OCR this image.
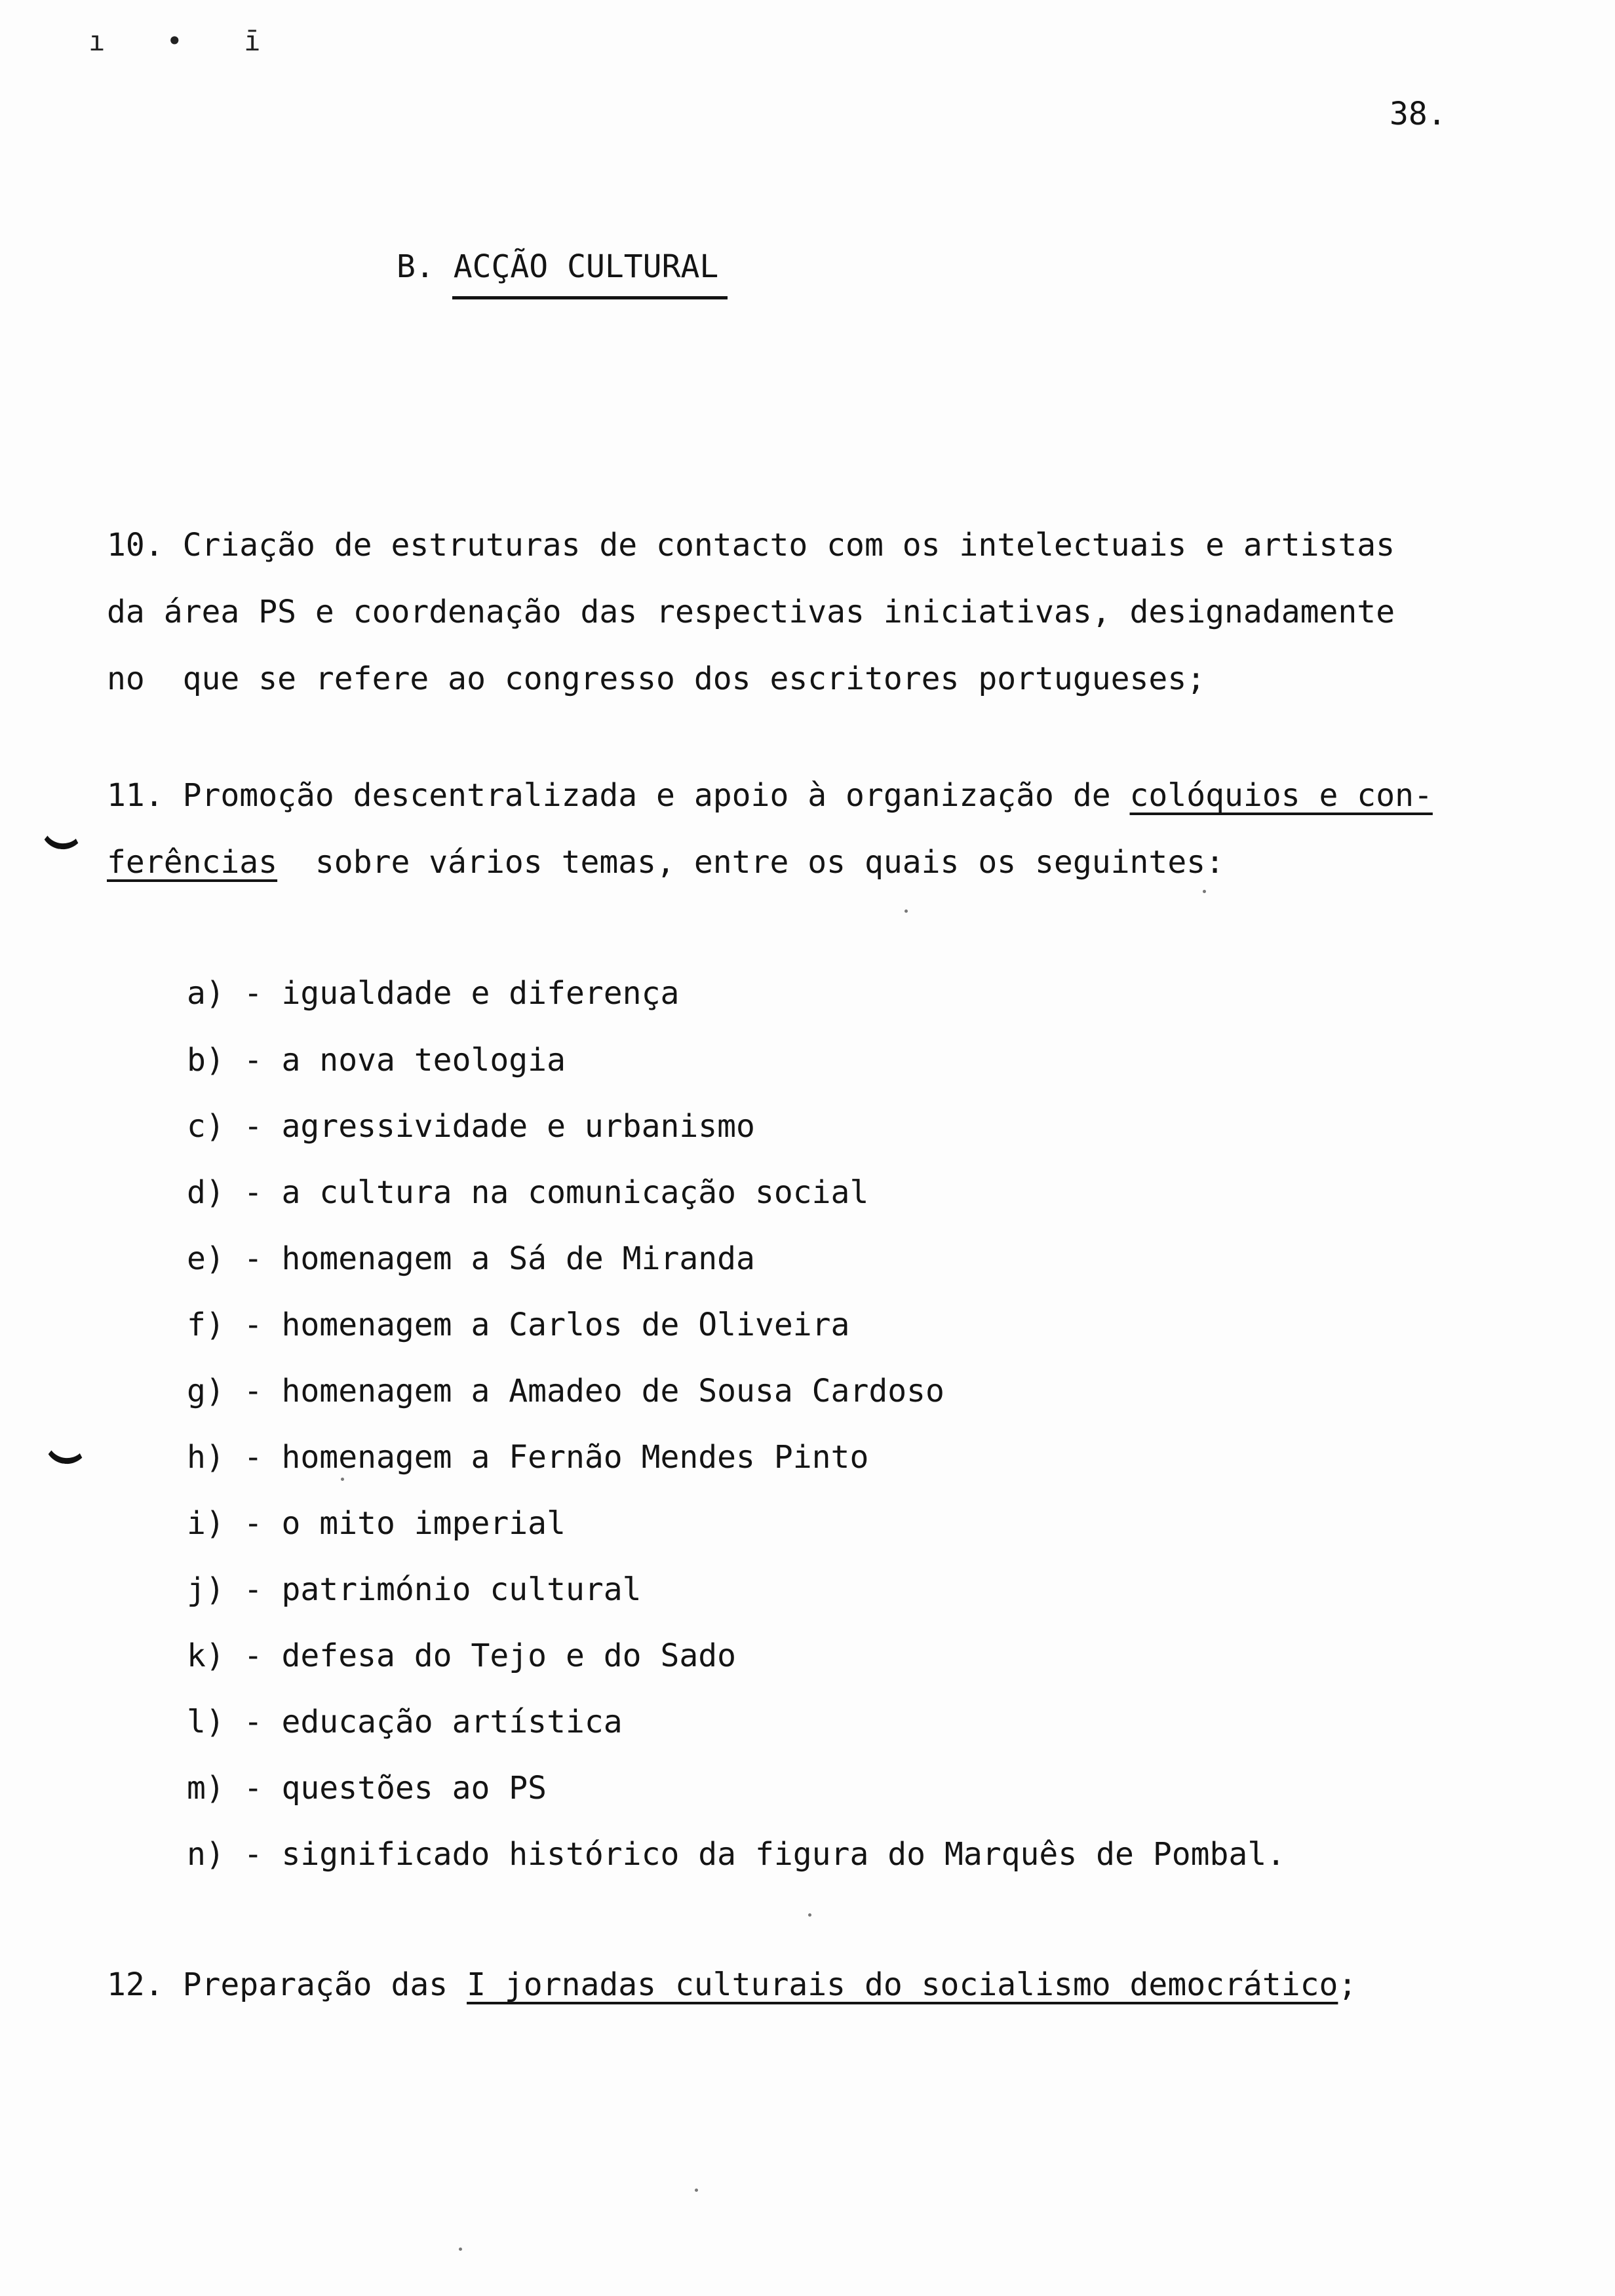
ı • ī
38.
B. ACÇÃO CULTURAL
10. Criação de estruturas de contacto com os intelectuais e artistas
da área PS e coordenação das respectivas iniciativas, designadamente
no  que se refere ao congresso dos escritores portugueses;
11. Promoção descentralizada e apoio à organização de colóquios e con-
ferências  sobre vários temas, entre os quais os seguintes:
a) - igualdade e diferença
b) - a nova teologia
c) - agressividade e urbanismo
d) - a cultura na comunicação social
e) - homenagem a Sá de Miranda
f) - homenagem a Carlos de Oliveira
g) - homenagem a Amadeo de Sousa Cardoso
h) - homenagem a Fernão Mendes Pinto
i) - o mito imperial
j) - património cultural
k) - defesa do Tejo e do Sado
l) - educação artística
m) - questões ao PS
n) - significado histórico da figura do Marquês de Pombal.
12. Preparação das I jornadas culturais do socialismo democrático;
